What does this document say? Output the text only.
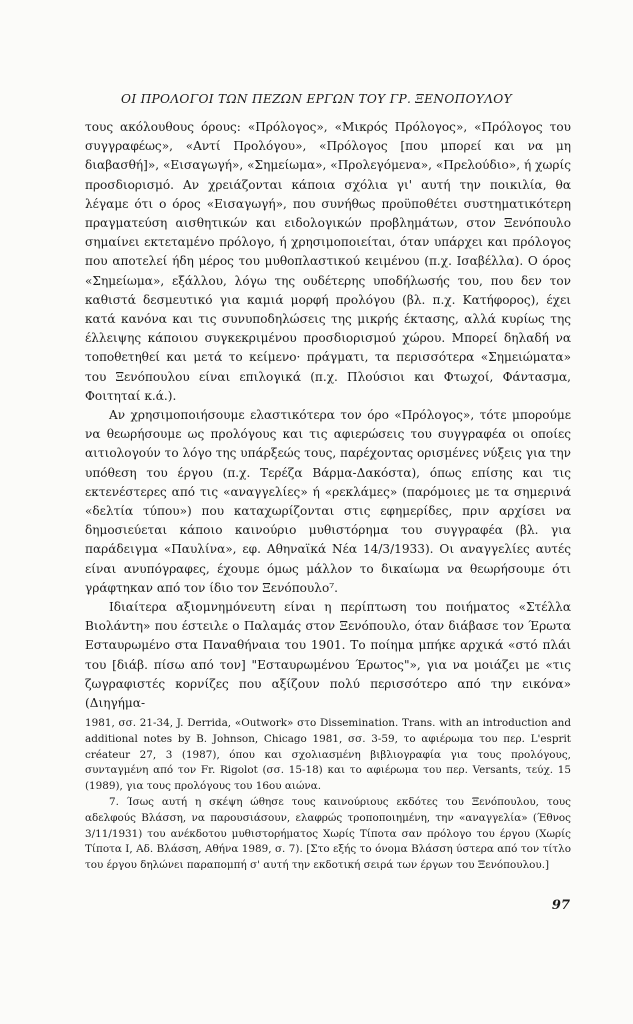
ΟΙ ΠΡΟΛΟΓΟΙ ΤΩΝ ΠΕΖΩΝ ΕΡΓΩΝ ΤΟΥ ΓΡ. ΞΕΝΟΠΟΥΛΟΥ

τους ακόλουθους όρους: «Πρόλογος», «Μικρός Πρόλογος», «Πρόλογος του συγγραφέως», «Αντί Προλόγου», «Πρόλογος [που μπορεί και να μη διαβασθή]», «Εισαγωγή», «Σημείωμα», «Προλεγόμενα», «Πρελούδιο», ή χωρίς προσδιορισμό. Αν χρειάζονται κάποια σχόλια γι' αυτή την ποικιλία, θα λέγαμε ότι ο όρος «Εισαγωγή», που συνήθως προϋποθέτει συστηματικότερη πραγματεύση αισθητικών και ειδολογικών προβλημάτων, στον Ξενόπουλο σημαίνει εκτεταμένο πρόλογο, ή χρησιμοποιείται, όταν υπάρχει και πρόλογος που αποτελεί ήδη μέρος του μυθοπλαστικού κειμένου (π.χ. Ισαβέλλα). Ο όρος «Σημείωμα», εξάλλου, λόγω της ουδέτερης υποδήλωσής του, που δεν τον καθιστά δεσμευτικό για καμιά μορφή προλόγου (βλ. π.χ. Κατήφορος), έχει κατά κανόνα και τις συνυποδηλώσεις της μικρής έκτασης, αλλά κυρίως της έλλειψης κάποιου συγκεκριμένου προσδιορισμού χώρου. Μπορεί δηλαδή να τοποθετηθεί και μετά το κείμενο· πράγματι, τα περισσότερα «Σημειώματα» του Ξενόπουλου είναι επιλογικά (π.χ. Πλούσιοι και Φτωχοί, Φάντασμα, Φοιτηταί κ.ά.).

Αν χρησιμοποιήσουμε ελαστικότερα τον όρο «Πρόλογος», τότε μπορούμε να θεωρήσουμε ως προλόγους και τις αφιερώσεις του συγγραφέα οι οποίες αιτιολογούν το λόγο της υπάρξεώς τους, παρέχοντας ορισμένες νύξεις για την υπόθεση του έργου (π.χ. Τερέζα Βάρμα-Δακόστα), όπως επίσης και τις εκτενέστερες από τις «αναγγελίες» ή «ρεκλάμες» (παρόμοιες με τα σημερινά «δελτία τύπου») που καταχωρίζονται στις εφημερίδες, πριν αρχίσει να δημοσιεύεται κάποιο καινούριο μυθιστόρημα του συγγραφέα (βλ. για παράδειγμα «Παυλίνα», εφ. Αθηναϊκά Νέα 14/3/1933). Οι αναγγελίες αυτές είναι ανυπόγραφες, έχουμε όμως μάλλον το δικαίωμα να θεωρήσουμε ότι γράφτηκαν από τον ίδιο τον Ξενόπουλο⁷.

Ιδιαίτερα αξιομνημόνευτη είναι η περίπτωση του ποιήματος «Στέλλα Βιολάντη» που έστειλε ο Παλαμάς στον Ξενόπουλο, όταν διάβασε τον Έρωτα Εσταυρωμένο στα Παναθήναια του 1901. Το ποίημα μπήκε αρχικά «στό πλάι του [διάβ. πίσω από τον] "Εσταυρωμένου Έρωτος"», για να μοιάζει με «τις ζωγραφιστές κορνίζες που αξίζουν πολύ περισσότερο από την εικόνα» (Διηγήμα-

1981, σσ. 21-34, J. Derrida, «Outwork» στο Dissemination. Trans. with an introduction and additional notes by B. Johnson, Chicago 1981, σσ. 3-59, το αφιέρωμα του περ. L'esprit créateur 27, 3 (1987), όπου και σχολιασμένη βιβλιογραφία για τους προλόγους, συνταγμένη από τον Fr. Rigolot (σσ. 15-18) και το αφιέρωμα του περ. Versants, τεύχ. 15 (1989), για τους προλόγους του 16ου αιώνα.

7. Ίσως αυτή η σκέψη ώθησε τους καινούριους εκδότες του Ξενόπουλου, τους αδελφούς Βλάσση, να παρουσιάσουν, ελαφρώς τροποποιημένη, την «αναγγελία» (Έθνος 3/11/1931) του ανέκδοτου μυθιστορήματος Χωρίς Τίποτα σαν πρόλογο του έργου (Χωρίς Τίποτα Ι, Αδ. Βλάσση, Αθήνα 1989, σ. 7). [Στο εξής το όνομα Βλάσση ύστερα από τον τίτλο του έργου δηλώνει παραπομπή σ' αυτή την εκδοτική σειρά των έργων του Ξενόπουλου.]

97
